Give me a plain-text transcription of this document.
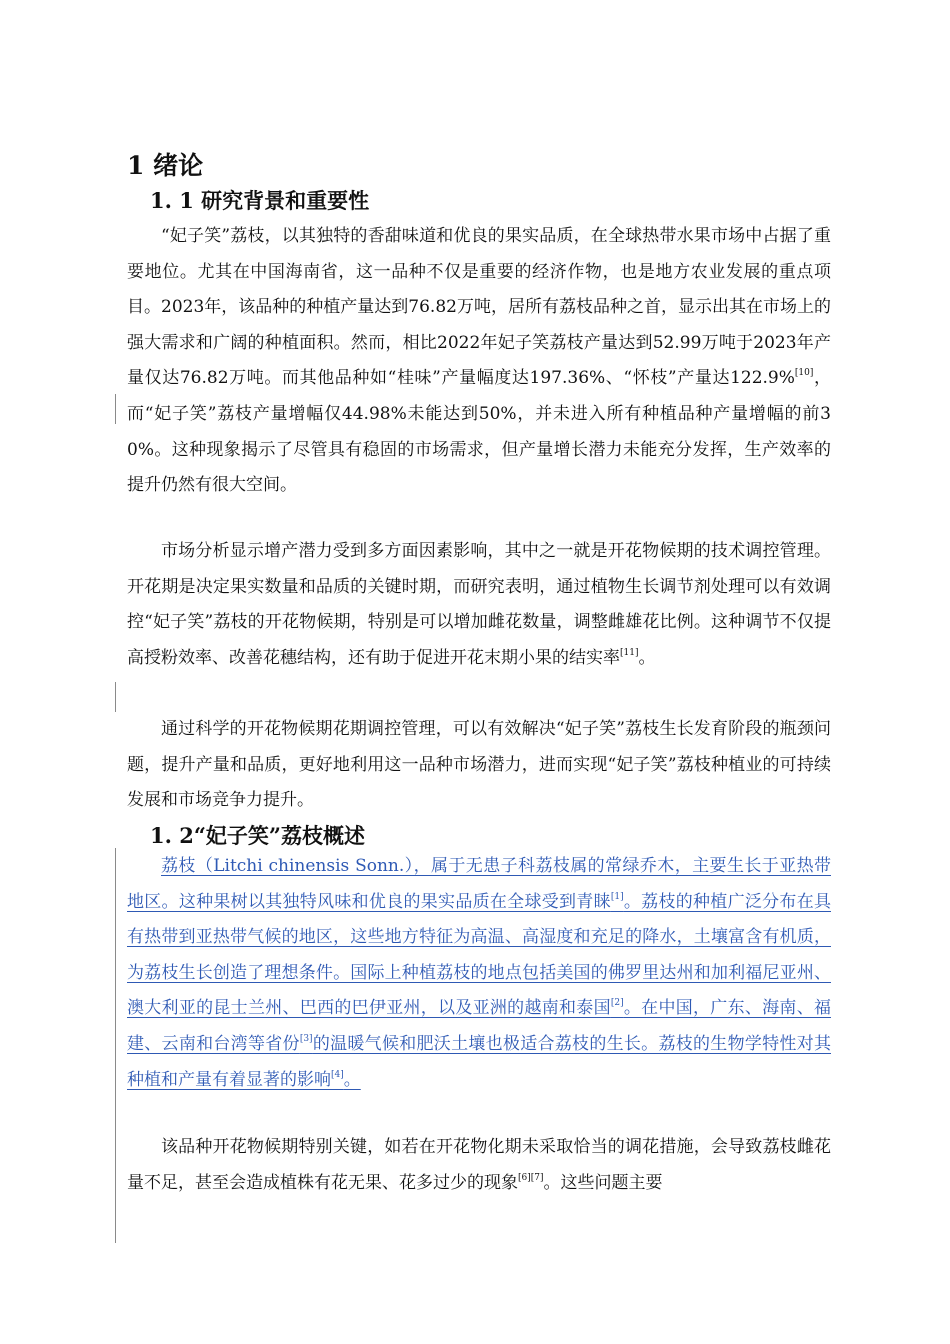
1 绪论
1. 1 研究背景和重要性

“妃子笑”荔枝，以其独特的香甜味道和优良的果实品质，在全球热带水果市场中占据了重要地位。尤其在中国海南省，这一品种不仅是重要的经济作物，也是地方农业发展的重点项目。2023年，该品种的种植产量达到76.82万吨，居所有荔枝品种之首，显示出其在市场上的强大需求和广阔的种植面积。然而，相比2022年妃子笑荔枝产量达到52.99万吨于2023年产量仅达76.82万吨。而其他品种如“桂味”产量幅度达197.36%、“怀枝”产量达122.9%[10]，而“妃子笑”荔枝产量增幅仅44.98%未能达到50%，并未进入所有种植品种产量增幅的前30%。这种现象揭示了尽管具有稳固的市场需求，但产量增长潜力未能充分发挥，生产效率的提升仍然有很大空间。

市场分析显示增产潜力受到多方面因素影响，其中之一就是开花物候期的技术调控管理。开花期是决定果实数量和品质的关键时期，而研究表明，通过植物生长调节剂处理可以有效调控“妃子笑”荔枝的开花物候期，特别是可以增加雌花数量，调整雌雄花比例。这种调节不仅提高授粉效率、改善花穗结构，还有助于促进开花末期小果的结实率[11]。

通过科学的开花物候期花期调控管理，可以有效解决“妃子笑”荔枝生长发育阶段的瓶颈问题，提升产量和品质，更好地利用这一品种市场潜力，进而实现“妃子笑”荔枝种植业的可持续发展和市场竞争力提升。

1. 2“妃子笑”荔枝概述

荔枝（Litchi chinensis Sonn.），属于无患子科荔枝属的常绿乔木，主要生长于亚热带地区。这种果树以其独特风味和优良的果实品质在全球受到青睐[1]。荔枝的种植广泛分布在具有热带到亚热带气候的地区，这些地方特征为高温、高湿度和充足的降水，土壤富含有机质，为荔枝生长创造了理想条件。国际上种植荔枝的地点包括美国的佛罗里达州和加利福尼亚州、澳大利亚的昆士兰州、巴西的巴伊亚州，以及亚洲的越南和泰国[2]。在中国，广东、海南、福建、云南和台湾等省份[3]的温暖气候和肥沃土壤也极适合荔枝的生长。荔枝的生物学特性对其种植和产量有着显著的影响[4]。

该品种开花物候期特别关键，如若在开花物化期未采取恰当的调花措施，会导致荔枝雌花量不足，甚至会造成植株有花无果、花多过少的现象[6][7]。这些问题主要
